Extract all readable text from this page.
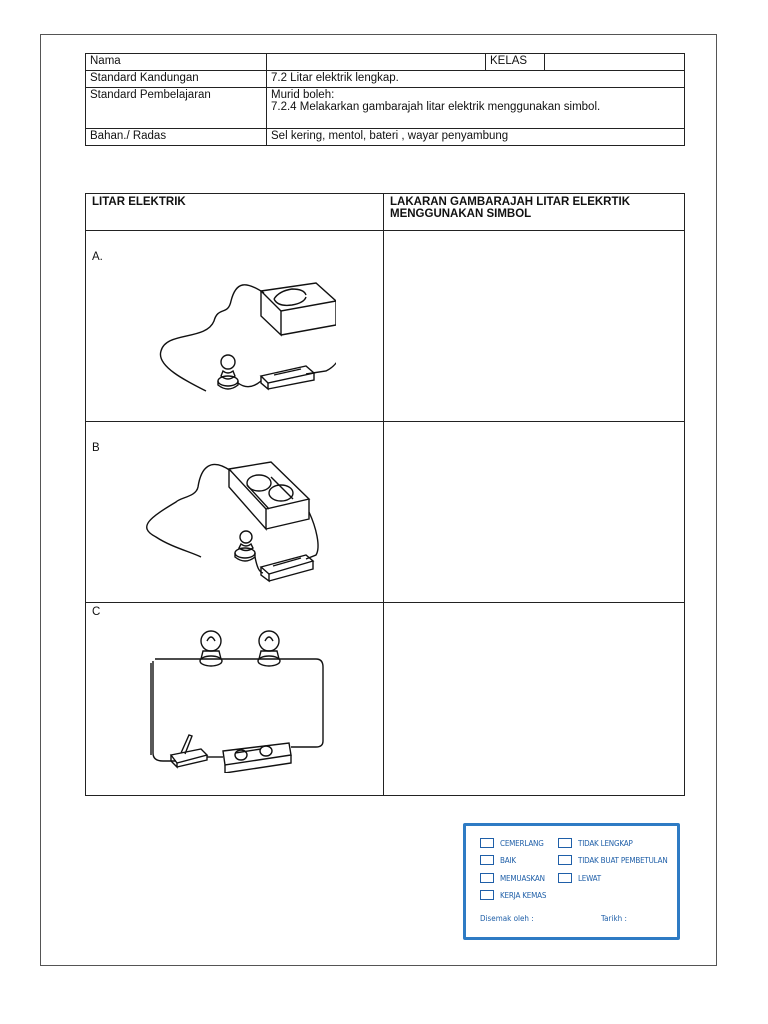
Nama		KELAS	
Standard Kandungan	7.2 Litar elektrik lengkap.		
Standard Pembelajaran	Murid boleh:
7.2.4 Melakarkan gambarajah litar elektrik menggunakan simbol.		

Bahan./ Radas	Sel kering, mentol, bateri , wayar penyambung		
LITAR ELEKTRIK	LAKARAN GAMBARAJAH LITAR ELEKRTIK
MENGGUNAKAN SIMBOL

A.	

B	

C	

CEMERLANG
BAIK
MEMUASKAN
KERJA KEMAS
TIDAK LENGKAP
TIDAK BUAT PEMBETULAN
LEWAT
Disemak oleh :	Tarikh :
